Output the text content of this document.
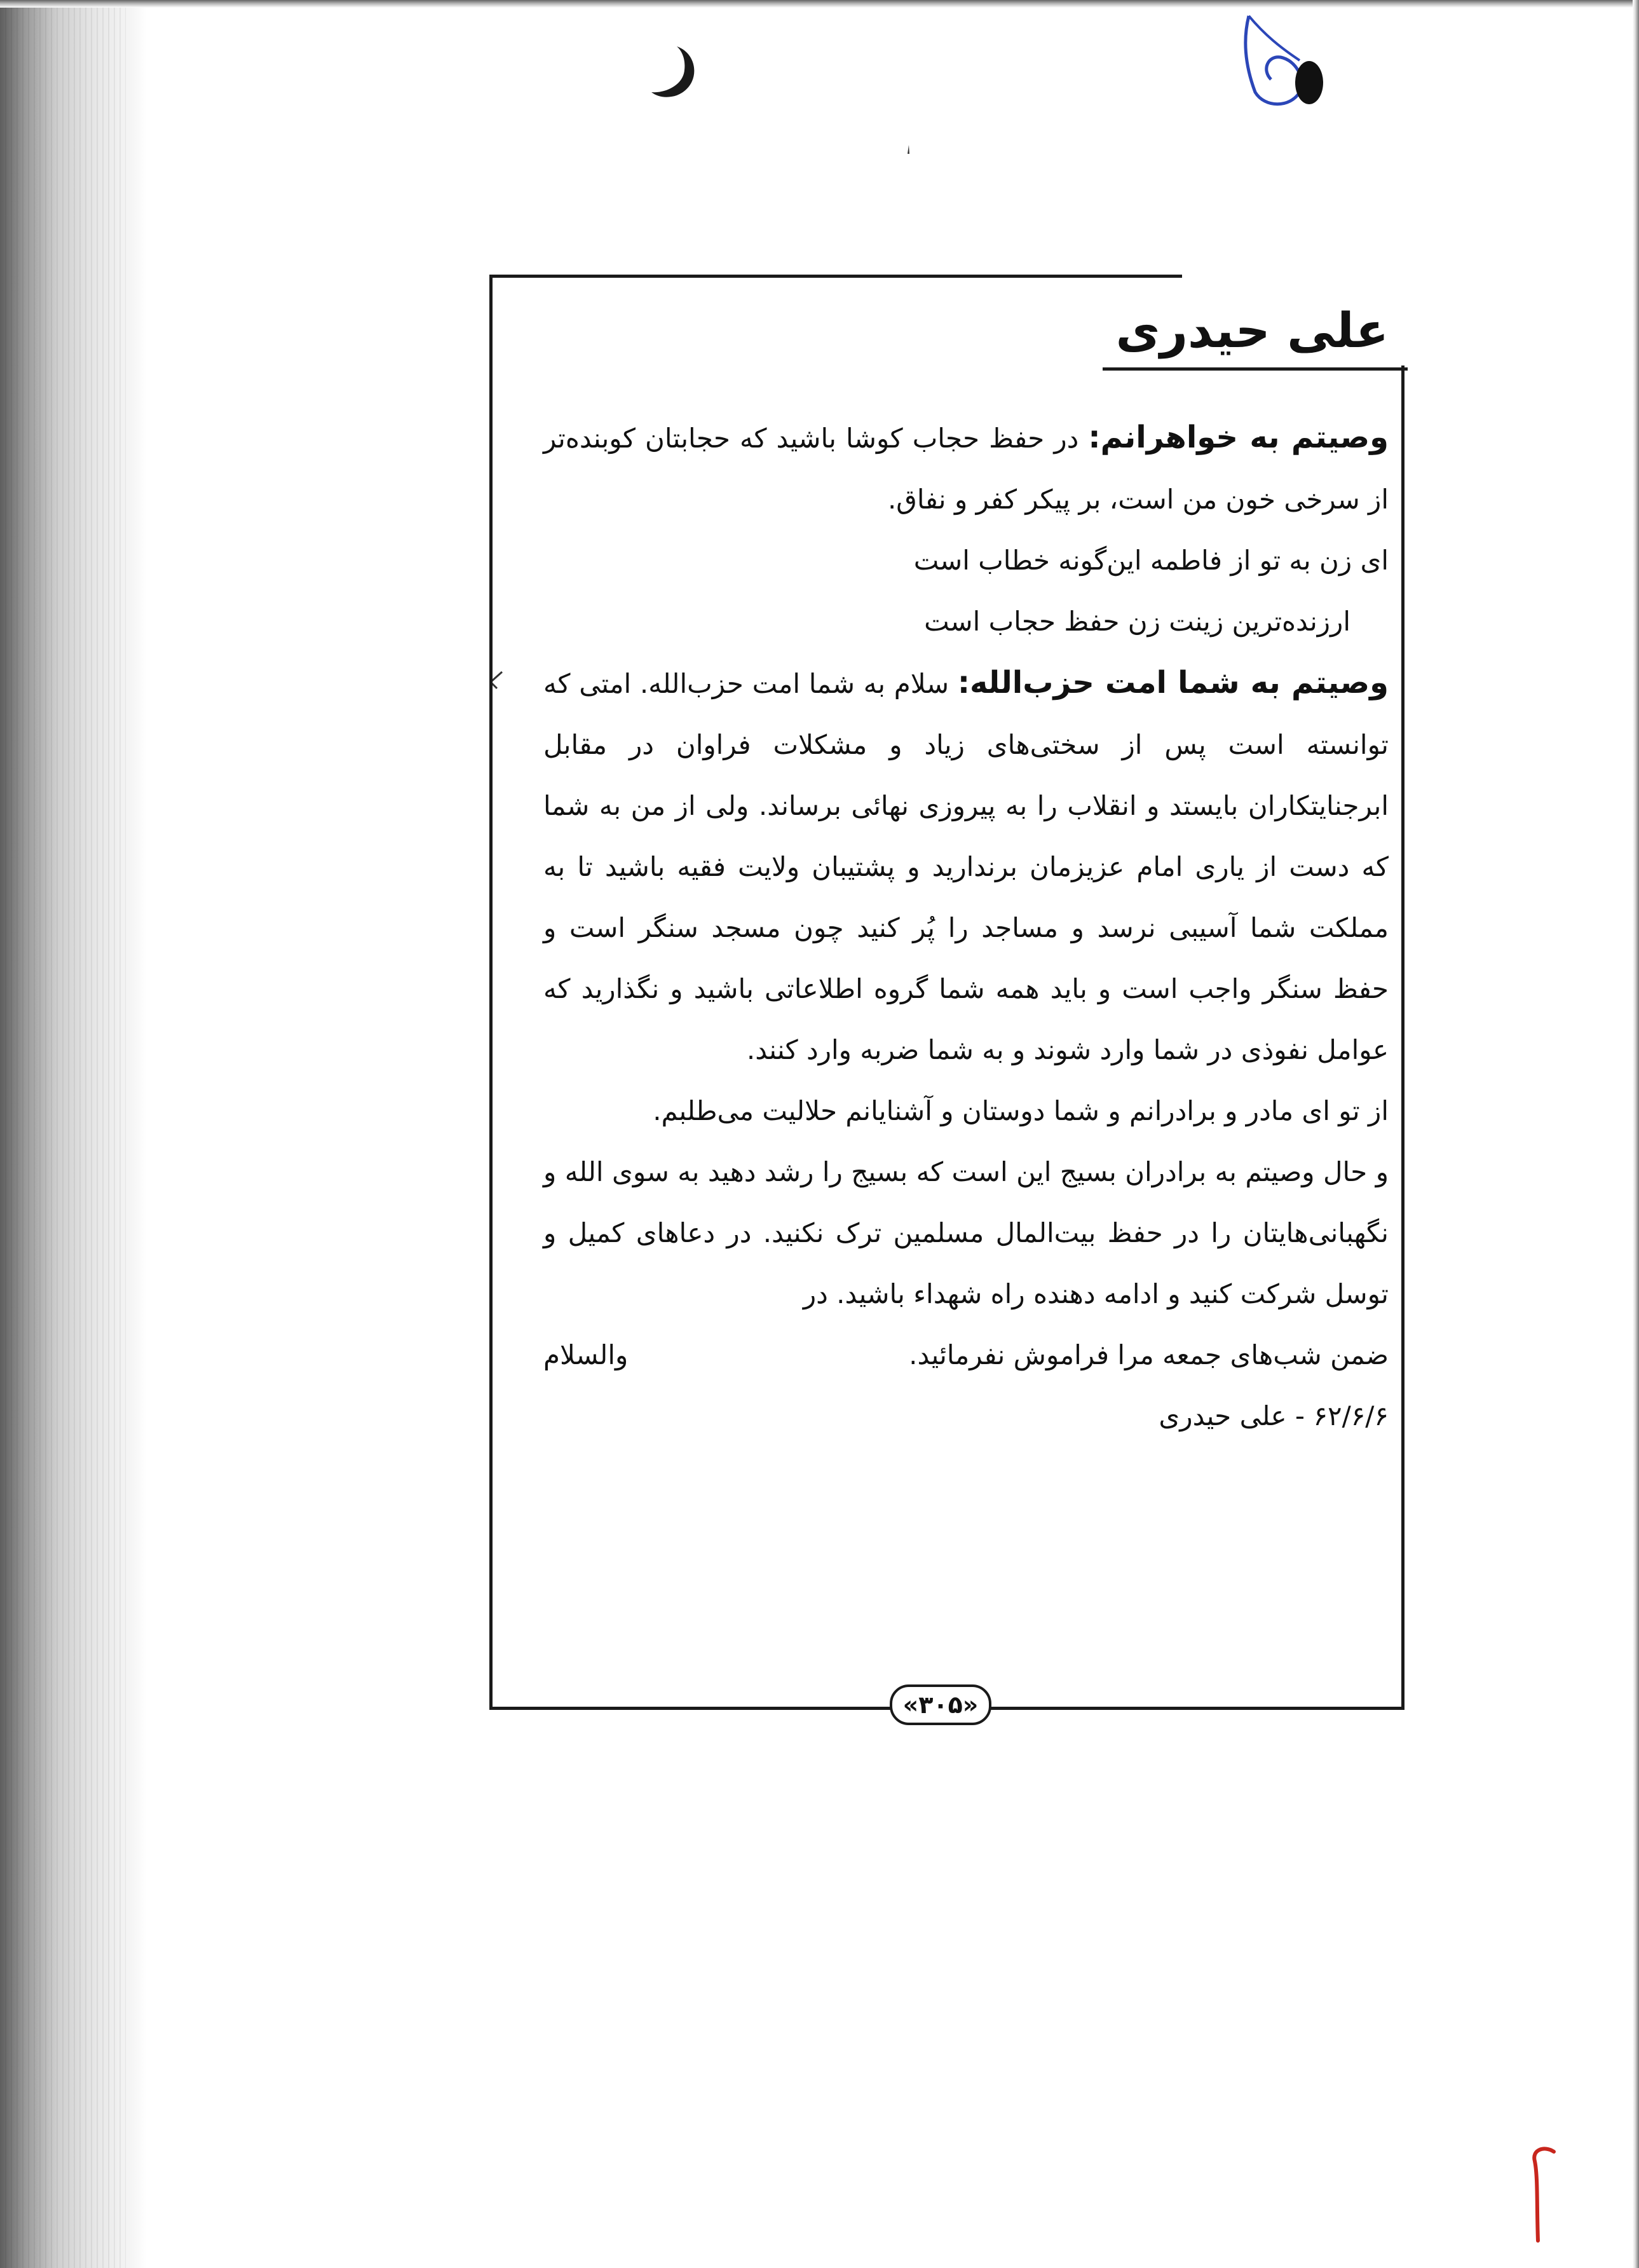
علی حیدری

وصیتم به خواهرانم: در حفظ حجاب کوشا باشید که حجابتان کوبنده‌تر از سرخی خون من است، بر پیکر کفر و نفاق.

ای زن به تو از فاطمه این‌گونه خطاب است

ارزنده‌ترین زینت زن حفظ حجاب است

وصیتم به شما امت حزب‌الله: سلام به شما امت حزب‌الله. امتی که توانسته است پس از سختی‌های زیاد و مشکلات فراوان در مقابل ابرجنایتکاران بایستد و انقلاب را به پیروزی نهائی برساند. ولی از من به شما که دست از یاری امام عزیزمان برندارید و پشتیبان ولایت فقیه باشید تا به مملکت شما آسیبی نرسد و مساجد را پُر کنید چون مسجد سنگر است و حفظ سنگر واجب است و باید همه شما گروه اطلاعاتی باشید و نگذارید که عوامل نفوذی در شما وارد شوند و به شما ضربه وارد کنند.

از تو ای مادر و برادرانم و شما دوستان و آشنایانم حلالیت می‌طلبم.

و حال وصیتم به برادران بسیج این است که بسیج را رشد دهید به سوی الله و نگهبانی‌هایتان را در حفظ بیت‌المال مسلمین ترک نکنید. در دعاهای کمیل و توسل شرکت کنید و ادامه دهنده راه شهداء باشید. در

ضمن شب‌های جمعه مرا فراموش نفرمائید.
والسلام
۶۲/۶/۶ - علی حیدری
«۳۰۵»
